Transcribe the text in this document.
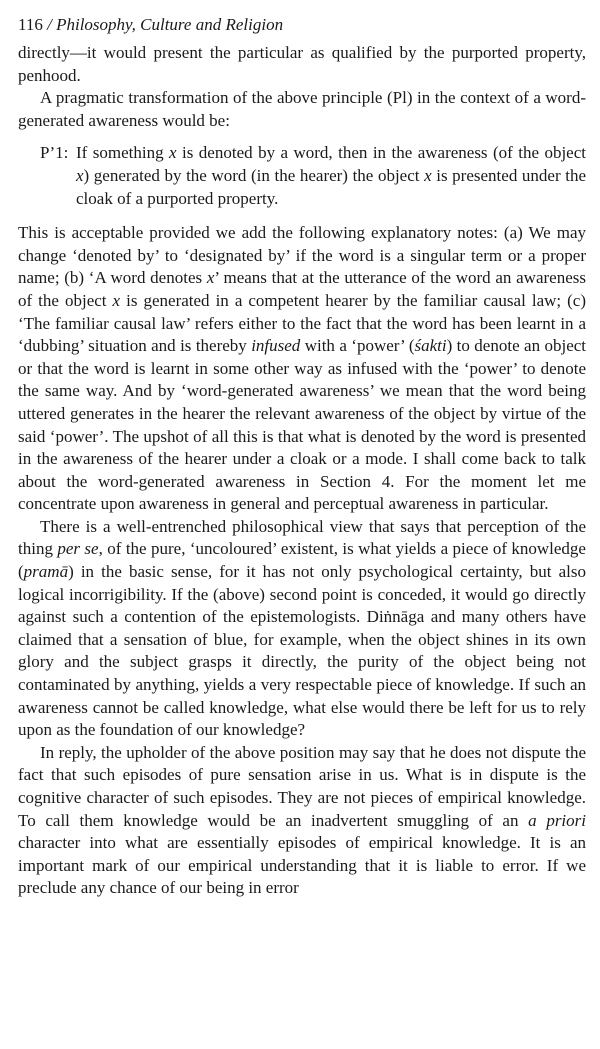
116 / Philosophy, Culture and Religion

directly—it would present the particular as qualified by the purported property, penhood.

A pragmatic transformation of the above principle (Pl) in the context of a word-generated awareness would be:

P’1: If something x is denoted by a word, then in the awareness (of the object x) generated by the word (in the hearer) the object x is presented under the cloak of a purported property.

This is acceptable provided we add the following explanatory notes: (a) We may change ‘denoted by’ to ‘designated by’ if the word is a singular term or a proper name; (b) ‘A word denotes x’ means that at the utterance of the word an awareness of the object x is generated in a competent hearer by the familiar causal law; (c) ‘The familiar causal law’ refers either to the fact that the word has been learnt in a ‘dubbing’ situation and is thereby infused with a ‘power’ (śakti) to denote an object or that the word is learnt in some other way as infused with the ‘power’ to denote the same way. And by ‘word-generated awareness’ we mean that the word being uttered generates in the hearer the relevant awareness of the object by virtue of the said ‘power’. The upshot of all this is that what is denoted by the word is presented in the awareness of the hearer under a cloak or a mode. I shall come back to talk about the word-generated awareness in Section 4. For the moment let me concentrate upon awareness in general and perceptual awareness in particular.

There is a well-entrenched philosophical view that says that perception of the thing per se, of the pure, ‘uncoloured’ existent, is what yields a piece of knowledge (pramā) in the basic sense, for it has not only psychological certainty, but also logical incorrigibility. If the (above) second point is conceded, it would go directly against such a contention of the epistemologists. Diṅnāga and many others have claimed that a sensation of blue, for example, when the object shines in its own glory and the subject grasps it directly, the purity of the object being not contaminated by anything, yields a very respectable piece of knowledge. If such an awareness cannot be called knowledge, what else would there be left for us to rely upon as the foundation of our knowledge?

In reply, the upholder of the above position may say that he does not dispute the fact that such episodes of pure sensation arise in us. What is in dispute is the cognitive character of such episodes. They are not pieces of empirical knowledge. To call them knowledge would be an inadvertent smuggling of an a priori character into what are essentially episodes of empirical knowledge. It is an important mark of our empirical understanding that it is liable to error. If we preclude any chance of our being in error
